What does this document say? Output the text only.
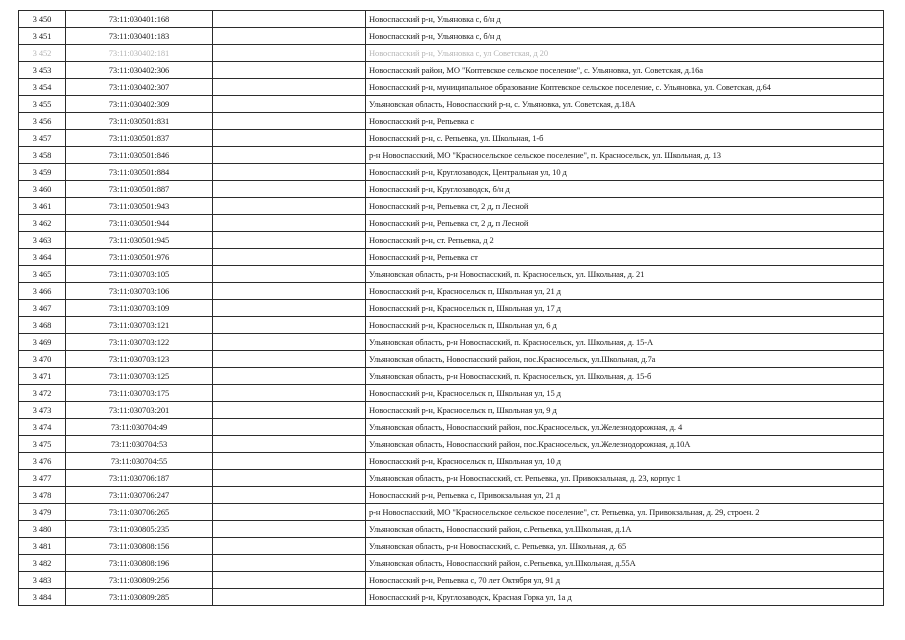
3 450	73:11:030401:168		Новоспасский р-н, Ульяновка с, б/н д
3 451	73:11:030401:183		Новоспасский р-н, Ульяновка с, б/н д
3 452	73:11:030402:181		Новоспасский р-н, Ульяновка с, ул Советская, д 20
3 453	73:11:030402:306		Новоспасский район, МО "Коптевское сельское поселение", с. Ульяновка, ул. Советская, д.16а
3 454	73:11:030402:307		Новоспасский р-н, муниципальное образование Коптевское сельское поселение, с. Ульяновка, ул. Советская, д.64
3 455	73:11:030402:309		Ульяновская область, Новоспасский р-н, с. Ульяновка, ул. Советская, д.18А
3 456	73:11:030501:831		Новоспасский р-н, Репьевка с
3 457	73:11:030501:837		Новоспасский р-н, с. Репьевка, ул. Школьная, 1-б
3 458	73:11:030501:846		р-н Новоспасский, МО "Красносельское сельское поселение", п. Красносельск, ул. Школьная, д. 13
3 459	73:11:030501:884		Новоспасский р-н, Круглозаводск, Центральная ул, 10 д
3 460	73:11:030501:887		Новоспасский р-н, Круглозаводск, б/н д
3 461	73:11:030501:943		Новоспасский р-н, Репьевка ст, 2 д, п Лесной
3 462	73:11:030501:944		Новоспасский р-н, Репьевка ст, 2 д, п Лесной
3 463	73:11:030501:945		Новоспасский р-н, ст. Репьевка, д 2
3 464	73:11:030501:976		Новоспасский р-н, Репьевка ст
3 465	73:11:030703:105		Ульяновская область, р-н Новоспасский, п. Красносельск, ул. Школьная, д. 21
3 466	73:11:030703:106		Новоспасский р-н, Красносельск п, Школьная ул, 21 д
3 467	73:11:030703:109		Новоспасский р-н, Красносельск п, Школьная ул, 17 д
3 468	73:11:030703:121		Новоспасский р-н, Красносельск п, Школьная ул, 6 д
3 469	73:11:030703:122		Ульяновская область, р-н Новоспасский, п. Красносельск, ул. Школьная, д. 15-А
3 470	73:11:030703:123		Ульяновская область, Новоспасский район, пос.Красносельск, ул.Школьная, д.7а
3 471	73:11:030703:125		Ульяновская область, р-н Новоспасский, п. Красносельск, ул. Школьная, д. 15-б
3 472	73:11:030703:175		Новоспасский р-н, Красносельск п, Школьная ул, 15 д
3 473	73:11:030703:201		Новоспасский р-н, Красносельск п, Школьная ул, 9 д
3 474	73:11:030704:49		Ульяновская область, Новоспасский район, пос.Красносельск, ул.Железнодорожная, д. 4
3 475	73:11:030704:53		Ульяновская область, Новоспасский район, пос.Красносельск, ул.Железнодорожная, д.10А
3 476	73:11:030704:55		Новоспасский р-н, Красносельск п, Школьная ул, 10 д
3 477	73:11:030706:187		Ульяновская область, р-н Новоспасский, ст. Репьевка, ул. Привокзальная, д. 23, корпус 1
3 478	73:11:030706:247		Новоспасский р-н, Репьевка с, Привокзальная ул, 21 д
3 479	73:11:030706:265		р-н Новоспасский, МО "Красносельское сельское поселение", ст. Репьевка, ул. Привокзальная, д. 29, строен. 2
3 480	73:11:030805:235		Ульяновская область, Новоспасский район, с.Репьевка, ул.Школьная, д.1А
3 481	73:11:030808:156		Ульяновская область, р-н Новоспасский, с. Репьевка, ул. Школьная, д. 65
3 482	73:11:030808:196		Ульяновская область, Новоспасский район, с.Репьевка, ул.Школьная, д.55А
3 483	73:11:030809:256		Новоспасский р-н, Репьевка с, 70 лет Октября ул, 91 д
3 484	73:11:030809:285		Новоспасский р-н, Круглозаводск, Красная Горка ул, 1а д
